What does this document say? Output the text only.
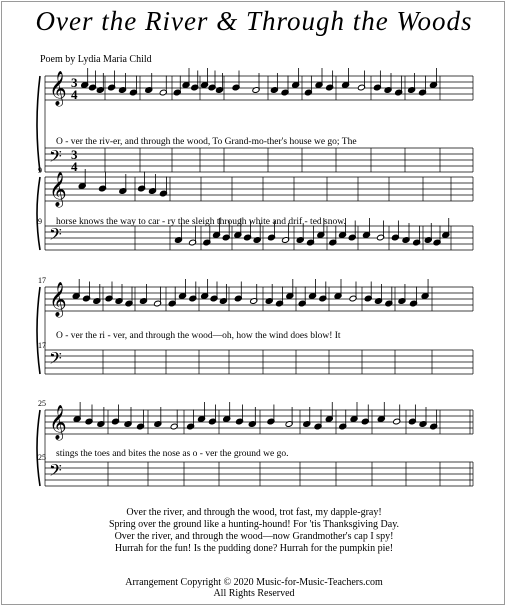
Over the River & Through the Woods
Poem by Lydia Maria Child
𝄞
𝄢
3
4
3
4
𝄞
𝄢
9
9
𝄞
𝄢
17
17
𝄞
𝄢
25
25
O - ver the riv-er, and through the wood, To Grand-mo-ther's house we go; The
horse knows the way to car - ry the sleigh through white and drif - ted snow.
O - ver the ri - ver, and through the wood—oh, how the wind does blow! It
stings the toes and bites the nose as o - ver the ground we go.
Over the river, and through the wood, trot fast, my dapple-gray!
Spring over the ground like a hunting-hound! For 'tis Thanksgiving Day.
Over the river, and through the wood—now Grandmother's cap I spy!
Hurrah for the fun! Is the pudding done? Hurrah for the pumpkin pie!
Arrangement Copyright © 2020 Music-for-Music-Teachers.com
All Rights Reserved
